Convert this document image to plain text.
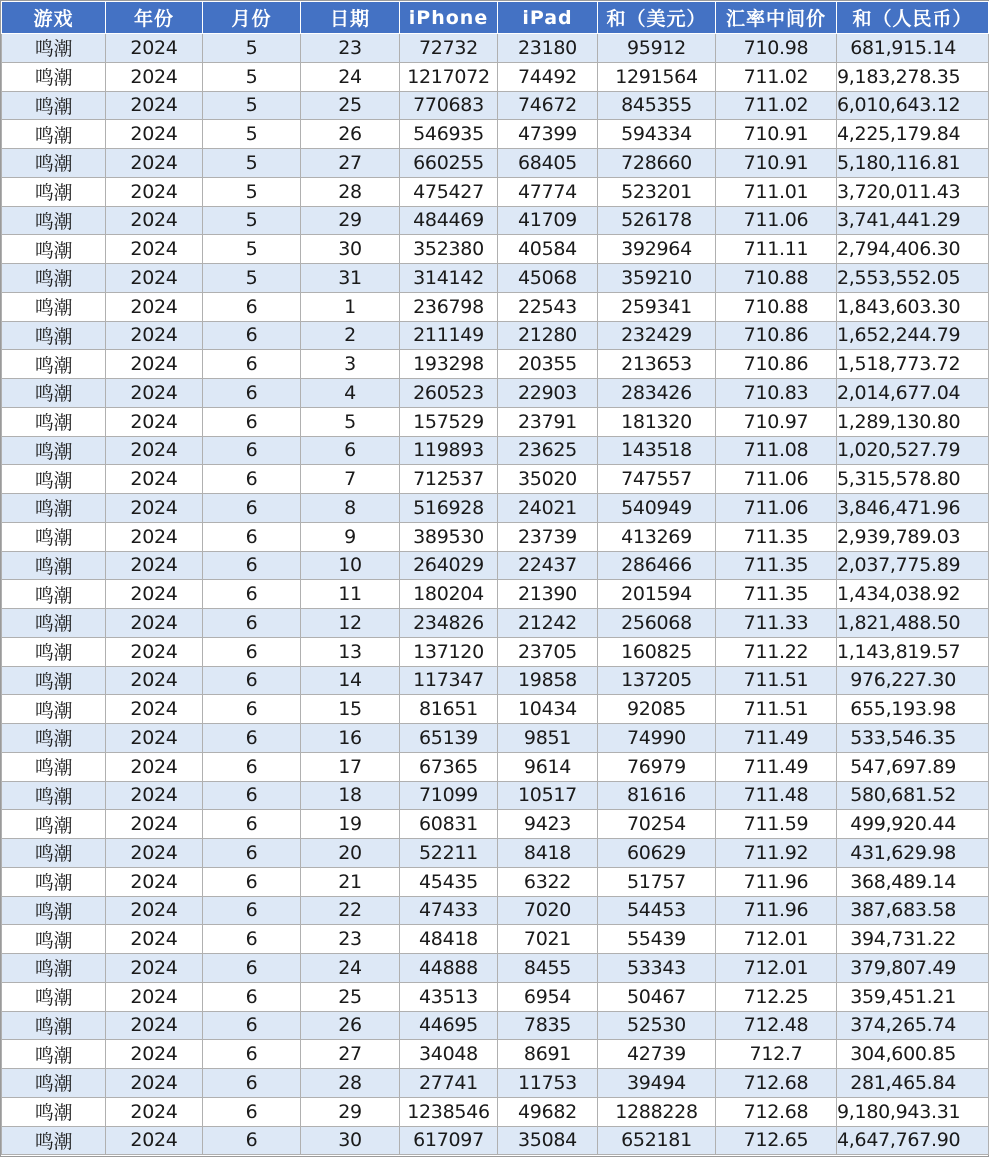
游戏	年份	月份	日期	iPhone	iPad	和（美元）	汇率中间价	和（人民币）
鸣潮	2024	5	23	72732	23180	95912	710.98	681,915.14
鸣潮	2024	5	24	1217072	74492	1291564	711.02	9,183,278.35
鸣潮	2024	5	25	770683	74672	845355	711.02	6,010,643.12
鸣潮	2024	5	26	546935	47399	594334	710.91	4,225,179.84
鸣潮	2024	5	27	660255	68405	728660	710.91	5,180,116.81
鸣潮	2024	5	28	475427	47774	523201	711.01	3,720,011.43
鸣潮	2024	5	29	484469	41709	526178	711.06	3,741,441.29
鸣潮	2024	5	30	352380	40584	392964	711.11	2,794,406.30
鸣潮	2024	5	31	314142	45068	359210	710.88	2,553,552.05
鸣潮	2024	6	1	236798	22543	259341	710.88	1,843,603.30
鸣潮	2024	6	2	211149	21280	232429	710.86	1,652,244.79
鸣潮	2024	6	3	193298	20355	213653	710.86	1,518,773.72
鸣潮	2024	6	4	260523	22903	283426	710.83	2,014,677.04
鸣潮	2024	6	5	157529	23791	181320	710.97	1,289,130.80
鸣潮	2024	6	6	119893	23625	143518	711.08	1,020,527.79
鸣潮	2024	6	7	712537	35020	747557	711.06	5,315,578.80
鸣潮	2024	6	8	516928	24021	540949	711.06	3,846,471.96
鸣潮	2024	6	9	389530	23739	413269	711.35	2,939,789.03
鸣潮	2024	6	10	264029	22437	286466	711.35	2,037,775.89
鸣潮	2024	6	11	180204	21390	201594	711.35	1,434,038.92
鸣潮	2024	6	12	234826	21242	256068	711.33	1,821,488.50
鸣潮	2024	6	13	137120	23705	160825	711.22	1,143,819.57
鸣潮	2024	6	14	117347	19858	137205	711.51	976,227.30
鸣潮	2024	6	15	81651	10434	92085	711.51	655,193.98
鸣潮	2024	6	16	65139	9851	74990	711.49	533,546.35
鸣潮	2024	6	17	67365	9614	76979	711.49	547,697.89
鸣潮	2024	6	18	71099	10517	81616	711.48	580,681.52
鸣潮	2024	6	19	60831	9423	70254	711.59	499,920.44
鸣潮	2024	6	20	52211	8418	60629	711.92	431,629.98
鸣潮	2024	6	21	45435	6322	51757	711.96	368,489.14
鸣潮	2024	6	22	47433	7020	54453	711.96	387,683.58
鸣潮	2024	6	23	48418	7021	55439	712.01	394,731.22
鸣潮	2024	6	24	44888	8455	53343	712.01	379,807.49
鸣潮	2024	6	25	43513	6954	50467	712.25	359,451.21
鸣潮	2024	6	26	44695	7835	52530	712.48	374,265.74
鸣潮	2024	6	27	34048	8691	42739	712.7	304,600.85
鸣潮	2024	6	28	27741	11753	39494	712.68	281,465.84
鸣潮	2024	6	29	1238546	49682	1288228	712.68	9,180,943.31
鸣潮	2024	6	30	617097	35084	652181	712.65	4,647,767.90
